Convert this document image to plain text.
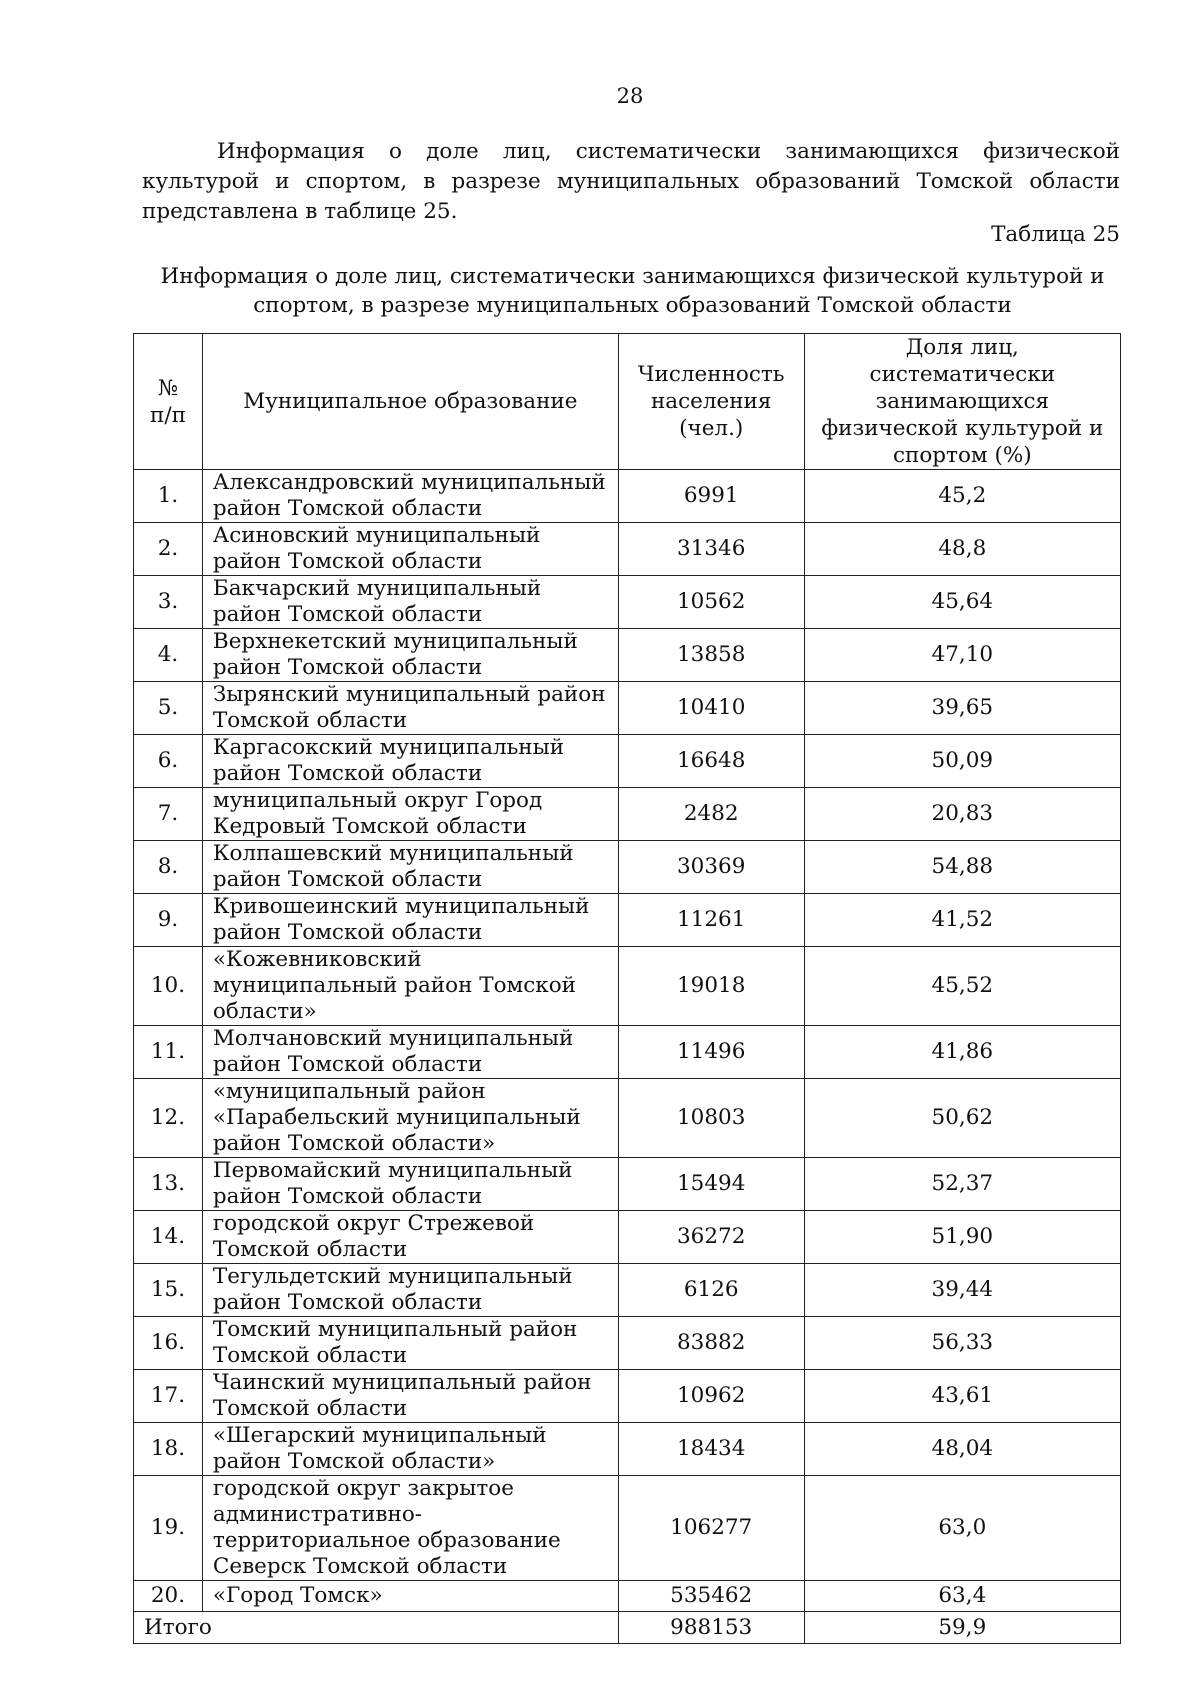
28

Информация о доле лиц, систематически занимающихся физической культурой и спортом, в разрезе муниципальных образований Томской области представлена в таблице 25.

Таблица 25
Информация о доле лиц, систематически занимающихся физической культурой и спортом, в разрезе муниципальных образований Томской области
№ п/п	Муниципальное образование	Численность населения (чел.)	Доля лиц, систематически занимающихся физической культурой и спортом (%)
1.	Александровский муниципальный район Томской области	6991	45,2
2.	Асиновский муниципальный район Томской области	31346	48,8
3.	Бакчарский муниципальный район Томской области	10562	45,64
4.	Верхнекетский муниципальный район Томской области	13858	47,10
5.	Зырянский муниципальный район Томской области	10410	39,65
6.	Каргасокский муниципальный район Томской области	16648	50,09
7.	муниципальный округ Город Кедровый Томской области	2482	20,83
8.	Колпашевский муниципальный район Томской области	30369	54,88
9.	Кривошеинский муниципальный район Томской области	11261	41,52
10.	«Кожевниковский муниципальный район Томской области»	19018	45,52
11.	Молчановский муниципальный район Томской области	11496	41,86
12.	«муниципальный район «Парабельский муниципальный район Томской области»	10803	50,62
13.	Первомайский муниципальный район Томской области	15494	52,37
14.	городской округ Стрежевой Томской области	36272	51,90
15.	Тегульдетский муниципальный район Томской области	6126	39,44
16.	Томский муниципальный район Томской области	83882	56,33
17.	Чаинский муниципальный район Томской области	10962	43,61
18.	«Шегарский муниципальный район Томской области»	18434	48,04
19.	городской округ закрытое административно-территориальное образование Северск Томской области	106277	63,0
20.	«Город Томск»	535462	63,4
Итого		988153	59,9
